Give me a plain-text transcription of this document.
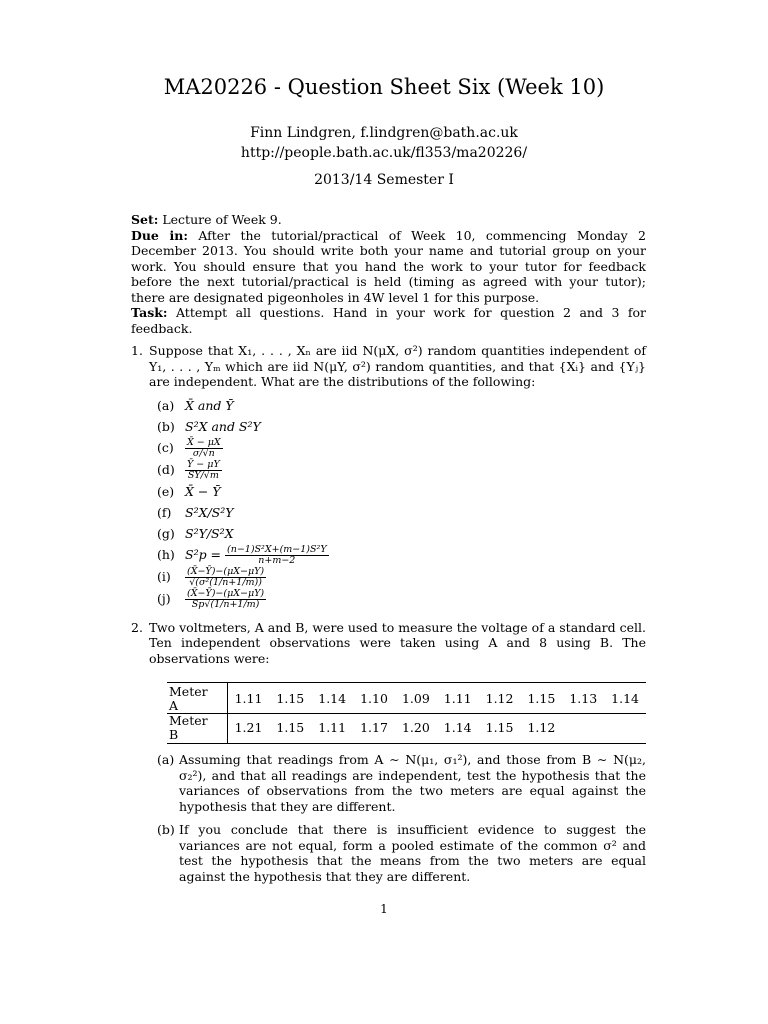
MA20226 - Question Sheet Six (Week 10)
Finn Lindgren, f.lindgren@bath.ac.uk
http://people.bath.ac.uk/fl353/ma20226/
2013/14 Semester I

Set: Lecture of Week 9.

Due in: After the tutorial/practical of Week 10, commencing Monday 2 December 2013. You should write both your name and tutorial group on your work. You should ensure that you hand the work to your tutor for feedback before the next tutorial/practical is held (timing as agreed with your tutor); there are designated pigeonholes in 4W level 1 for this purpose.

Task: Attempt all questions. Hand in your work for question 2 and 3 for feedback.

1. Suppose that X₁, . . . , Xₙ are iid N(μX, σ²) random quantities independent of Y₁, . . . , Yₘ which are iid N(μY, σ²) random quantities, and that {Xᵢ} and {Yⱼ} are independent. What are the distributions of the following:
(a) X̄ and Ȳ
(b) S²X and S²Y
(c)	$\frac{X̄ - \mu X}{\sigma/√n}$
(d)	$\frac{Ȳ - \mu Y}{SY/√m}$
(e) X̄ − Ȳ
(f)	S²X/S²Y
(g) S²Y/S²X
(h) S²p =
$\frac{\text{(n−1)S²X+(m−1)S²Y}}{n+m-2}$
(i)	$\frac{(X̄-Ȳ)-(\mu X-\mu Y)}{\text{√(σ²(1/n+1/m))}}$
(j)	$\frac{(X̄-Ȳ)-(\mu X-\mu Y)}{Sp√(1/n+1/m)}$
2. Two voltmeters, A and B, were used to measure the voltage of a standard cell. Ten independent observations were taken using A and 8 using B. The observations were:
Meter A	1.11	1.15	1.14	1.10	1.09	1.11	1.12	1.15	1.13	1.14
Meter B	1.21	1.15	1.11	1.17	1.20	1.14	1.15	1.12		
(a) Assuming that readings from A ∼ N(μ₁, σ₁²), and those from B ∼ N(μ₂, σ₂²), and that all readings are independent, test the hypothesis that the variances of observations from the two meters are equal against the hypothesis that they are different.
(b) If you conclude that there is insufficient evidence to suggest the variances are not equal, form a pooled estimate of the common σ² and test the hypothesis that the means from the two meters are equal against the hypothesis that they are different.
1
